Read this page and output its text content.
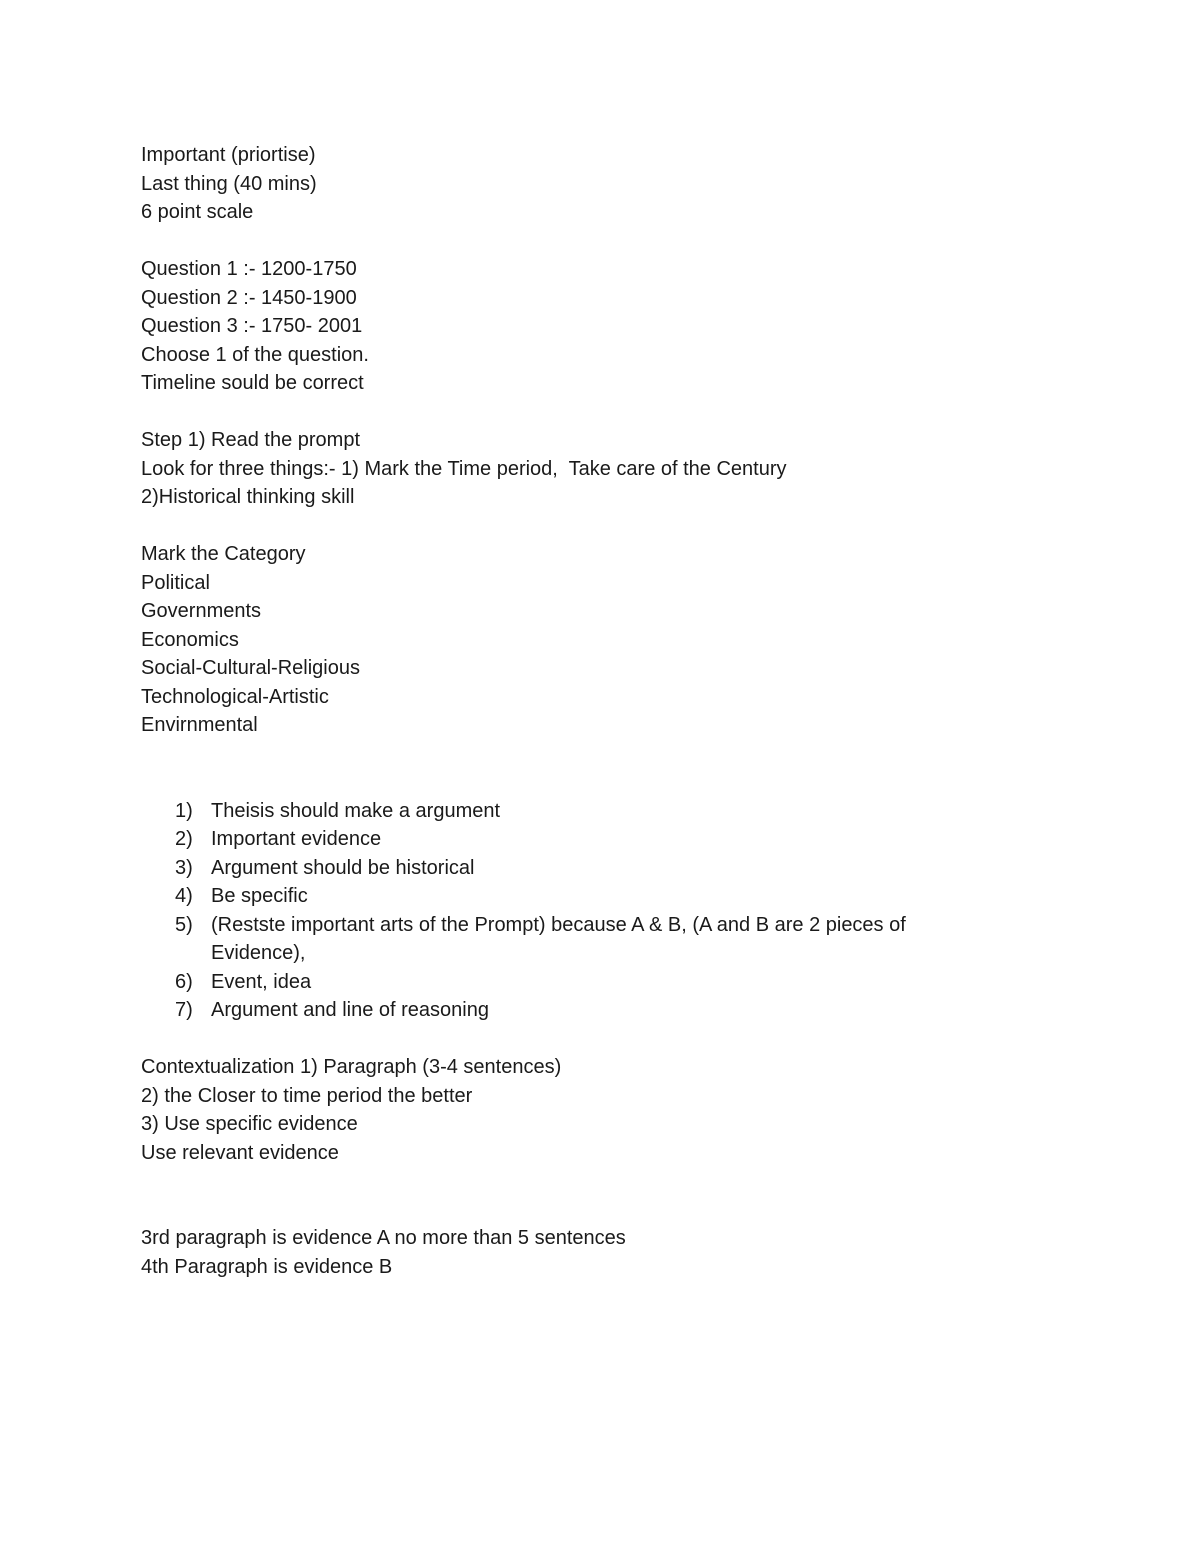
Important (priortise)
Last thing (40 mins)
6 point scale
Question 1 :- 1200-1750
Question 2 :- 1450-1900
Question 3 :- 1750- 2001
Choose 1 of the question.
Timeline sould be correct
Step 1) Read the prompt
Look for three things:- 1) Mark the Time period,  Take care of the Century
2)Historical thinking skill
Mark the Category
Political
Governments
Economics
Social-Cultural-Religious
Technological-Artistic
Envirnmental
1) Theisis should make a argument
2) Important evidence
3) Argument should be historical
4) Be specific
5) (Restste important arts of the Prompt) because A & B, (A and B are 2 pieces of Evidence),
6) Event, idea
7) Argument and line of reasoning
Contextualization 1) Paragraph (3-4 sentences)
2) the Closer to time period the better
3) Use specific evidence
Use relevant evidence
3rd paragraph is evidence A no more than 5 sentences
4th Paragraph is evidence B
